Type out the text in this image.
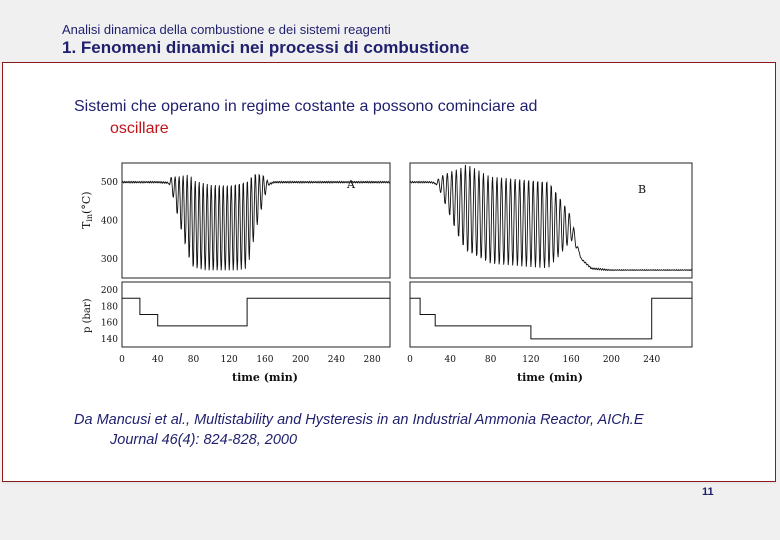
Analisi dinamica della combustione e dei sistemi reagenti
1. Fenomeni dinamici nei processi di combustione
Sistemi che operano in regime costante a possono cominciare ad
oscillare
A	B
500
400
300
200
180
160
140
0	40	80 120 160 200 240 280	0	40	80	120	160	200	240
Tin(°C)
p (bar)
time (min)	time (min)
Da Mancusi et al., Multistability and Hysteresis in an Industrial Ammonia Reactor, AICh.E
Journal 46(4): 824-828, 2000
11
